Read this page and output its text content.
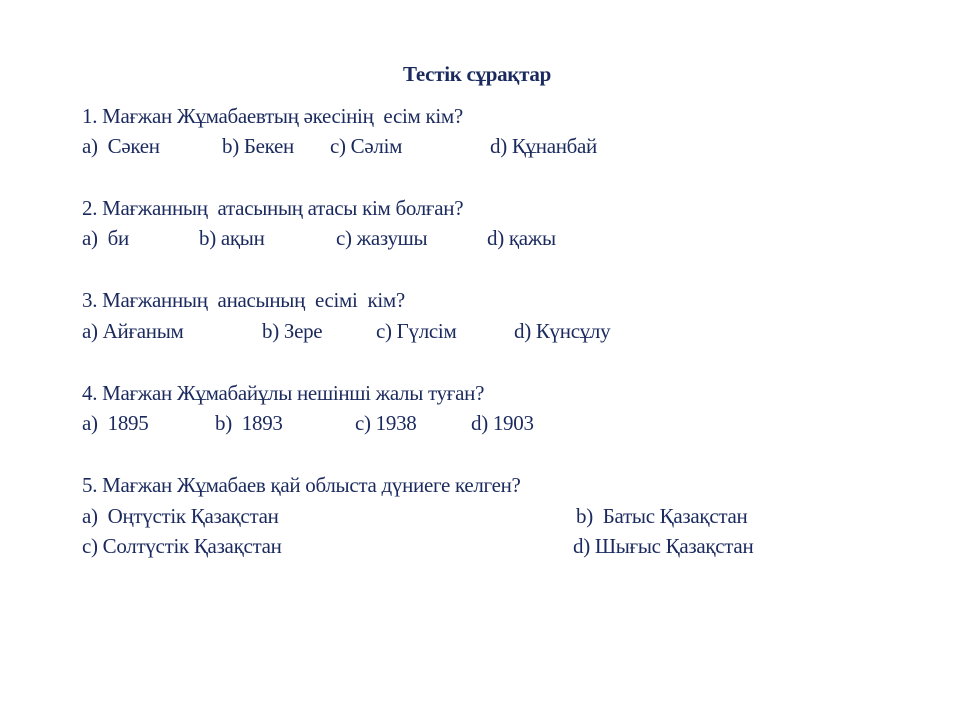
Тестік сұрақтар
1. Мағжан Жұмабаевтың әкесінің  есім кім?
a)  Сәкен	b) Бекен c) Сәлім	d) Құнанбай
2. Мағжанның  атасының атасы кім болған?
a)  би	b) ақын	c) жазушы	d) қажы
3. Мағжанның  анасының  есімі  кім?
a) Айғаным	b) Зере	c) Гүлсім	d) Күнсұлу
4. Мағжан Жұмабайұлы нешінші жалы туған?
a)  1895	b)  1893	c) 1938	d) 1903
5. Мағжан Жұмабаев қай облыста дүниеге келген?
a)  Оңтүстік Қазақстан	b)  Батыс Қазақстан
c) Солтүстік Қазақстан	d) Шығыс Қазақстан
